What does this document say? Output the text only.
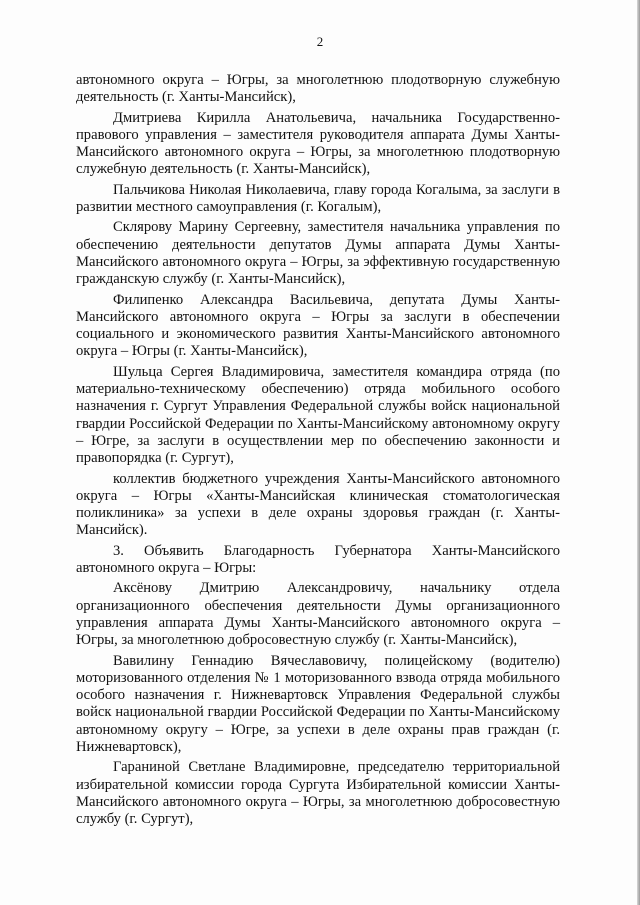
2

автономного округа – Югры, за многолетнюю плодотворную служебную деятельность (г. Ханты-Мансийск),

Дмитриева Кирилла Анатольевича, начальника Государственно-правового управления – заместителя руководителя аппарата Думы Ханты-Мансийского автономного округа – Югры, за многолетнюю плодотворную служебную деятельность (г. Ханты-Мансийск),

Пальчикова Николая Николаевича, главу города Когалыма, за заслуги в развитии местного самоуправления (г. Когалым),

Склярову Марину Сергеевну, заместителя начальника управления по обеспечению деятельности депутатов Думы аппарата Думы Ханты-Мансийского автономного округа – Югры, за эффективную государственную гражданскую службу (г. Ханты-Мансийск),

Филипенко Александра Васильевича, депутата Думы Ханты-Мансийского автономного округа – Югры за заслуги в обеспечении социального и экономического развития Ханты-Мансийского автономного округа – Югры (г. Ханты-Мансийск),

Шульца Сергея Владимировича, заместителя командира отряда (по материально-техническому обеспечению) отряда мобильного особого назначения г. Сургут Управления Федеральной службы войск национальной гвардии Российской Федерации по Ханты-Мансийскому автономному округу – Югре, за заслуги в осуществлении мер по обеспечению законности и правопорядка (г. Сургут),

коллектив бюджетного учреждения Ханты-Мансийского автономного округа – Югры «Ханты-Мансийская клиническая стоматологическая поликлиника» за успехи в деле охраны здоровья граждан (г. Ханты-Мансийск).

3. Объявить Благодарность Губернатора Ханты-Мансийского автономного округа – Югры:

Аксёнову Дмитрию Александровичу, начальнику отдела организационного обеспечения деятельности Думы организационного управления аппарата Думы Ханты-Мансийского автономного округа – Югры, за многолетнюю добросовестную службу (г. Ханты-Мансийск),

Вавилину Геннадию Вячеславовичу, полицейскому (водителю) моторизованного отделения № 1 моторизованного взвода отряда мобильного особого назначения г. Нижневартовск Управления Федеральной службы войск национальной гвардии Российской Федерации по Ханты-Мансийскому автономному округу – Югре, за успехи в деле охраны прав граждан (г. Нижневартовск),

Гараниной Светлане Владимировне, председателю территориальной избирательной комиссии города Сургута Избирательной комиссии Ханты-Мансийского автономного округа – Югры, за многолетнюю добросовестную службу (г. Сургут),
